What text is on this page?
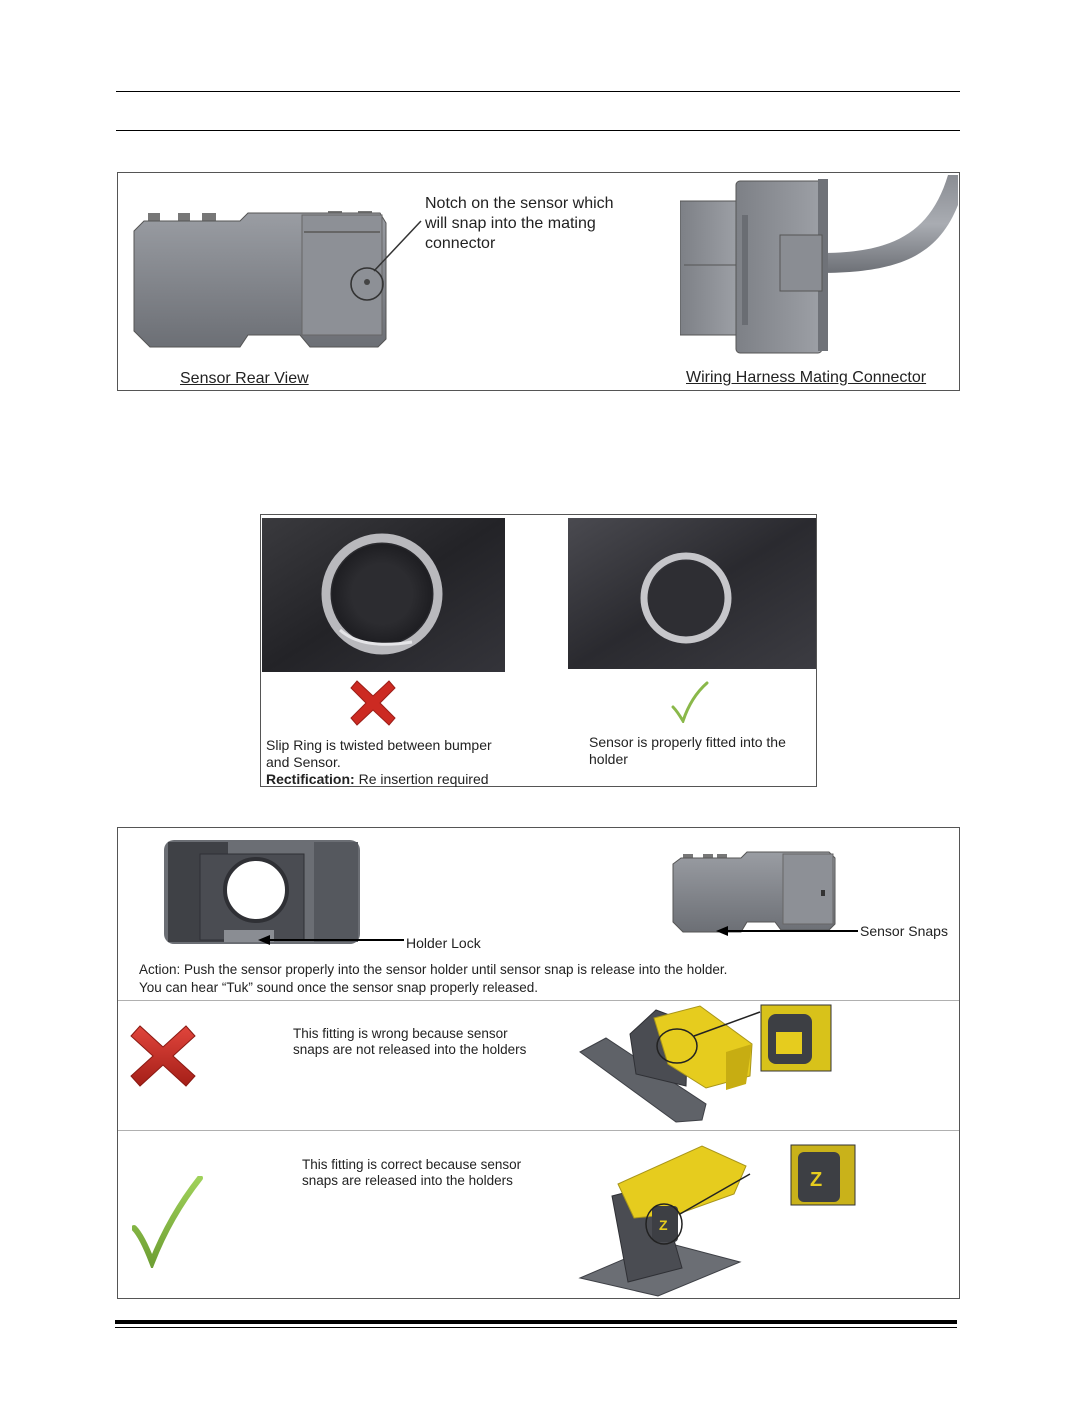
Notch on the sensor which
will snap into the mating
connector
Sensor Rear View	Wiring Harness Mating Connector
Slip Ring is twisted between bumper
and Sensor.
Rectification: Re insertion required
Sensor is properly fitted into the
holder
Holder Lock
Sensor Snaps
Action: Push the sensor properly into the sensor holder until sensor snap is release into the holder.
You can hear “Tuk” sound once the sensor snap properly released.
This fitting is wrong because sensor
snaps are not released into the holders
This fitting is correct because sensor
snaps are released into the holders
Z
Z
